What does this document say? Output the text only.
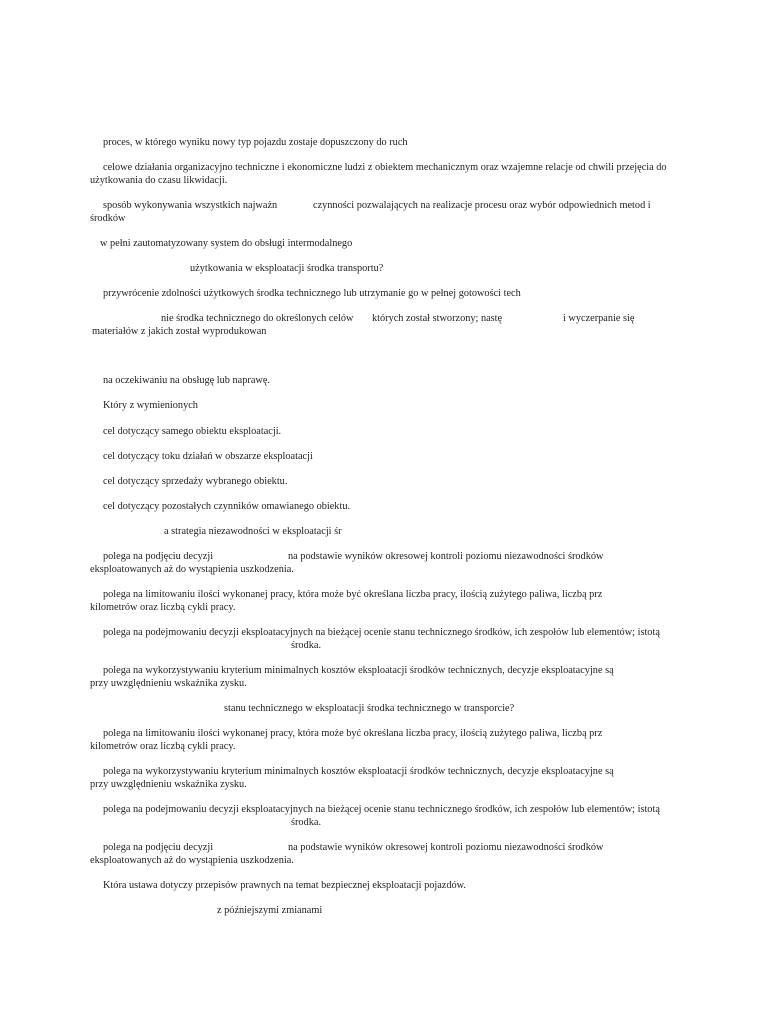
proces, w którego wyniku nowy typ pojazdu zostaje dopuszczony do ruch
celowe działania organizacyjno techniczne i ekonomiczne ludzi z obiektem mechanicznym oraz wzajemne relacje od chwili przejęcia do
użytkowania do czasu likwidacji.
sposób wykonywania wszystkich najważn	czynności pozwalających na realizacje procesu oraz wybór odpowiednich metod i
środków
w pełni zautomatyzowany system do obsługi intermodalnego
użytkowania w eksploatacji środka transportu?
przywrócenie zdolności użytkowych środka technicznego lub utrzymanie go w pełnej gotowości tech
nie środka technicznego do określonych celów których został stworzony; nastę	i wyczerpanie się
materiałów z jakich został wyprodukowan
na oczekiwaniu na obsługę lub naprawę.
Który z wymienionych
cel dotyczący samego obiektu eksploatacji.
cel dotyczący toku działań w obszarze eksploatacji
cel dotyczący sprzedaży wybranego obiektu.
cel dotyczący pozostałych czynników omawianego obiektu.
a strategia niezawodności w eksploatacji śr
polega na podjęciu decyzji	na podstawie wyników okresowej kontroli poziomu niezawodności środków
eksploatowanych aż do wystąpienia uszkodzenia.
polega na limitowaniu ilości wykonanej pracy, która może być określana liczba pracy, ilością zużytego paliwa, liczbą prz
kilometrów oraz liczbą cykli pracy.
polega na podejmowaniu decyzji eksploatacyjnych na bieżącej ocenie stanu technicznego środków, ich zespołów lub elementów; istotą
środka.
polega na wykorzystywaniu kryterium minimalnych kosztów eksploatacji środków technicznych, decyzje eksploatacyjne są
przy uwzględnieniu wskaźnika zysku.
stanu technicznego w eksploatacji środka technicznego w transporcie?
polega na limitowaniu ilości wykonanej pracy, która może być określana liczba pracy, ilością zużytego paliwa, liczbą prz
kilometrów oraz liczbą cykli pracy.
polega na wykorzystywaniu kryterium minimalnych kosztów eksploatacji środków technicznych, decyzje eksploatacyjne są
przy uwzględnieniu wskaźnika zysku.
polega na podejmowaniu decyzji eksploatacyjnych na bieżącej ocenie stanu technicznego środków, ich zespołów lub elementów; istotą
środka.
polega na podjęciu decyzji	na podstawie wyników okresowej kontroli poziomu niezawodności środków
eksploatowanych aż do wystąpienia uszkodzenia.
Która ustawa dotyczy przepisów prawnych na temat bezpiecznej eksploatacji pojazdów.
z późniejszymi zmianami
